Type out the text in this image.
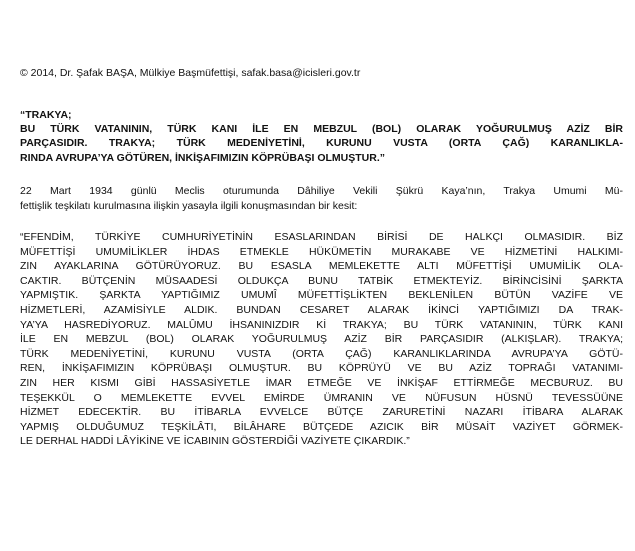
© 2014, Dr. Şafak BAŞA, Mülkiye Başmüfettişi, safak.basa@icisleri.gov.tr

“TRAKYA;
BU TÜRK VATANININ, TÜRK KANI İLE EN MEBZUL (BOL) OLARAK YOĞURULMUŞ AZİZ BİR
PARÇASIDIR. TRAKYA; TÜRK MEDENİYETİNİ, KURUNU VUSTA (ORTA ÇAĞ) KARANLIKLA-
RINDA AVRUPA’YA GÖTÜREN, İNKİŞAFIMIZIN KÖPRÜBAŞI OLMUŞTUR.”
22 Mart 1934 günlü Meclis oturumunda Dâhiliye Vekili Şükrü Kaya’nın, Trakya Umumi Mü-
fettişlik teşkilatı kurulmasına ilişkin yasayla ilgili konuşmasından bir kesit:
“EFENDİM, TÜRKİYE CUMHURİYETİNİN ESASLARINDAN BİRİSİ DE HALKÇI OLMASIDIR. BİZ
MÜFETTİŞİ UMUMİLİKLER İHDAS ETMEKLE HÜKÜMETİN MURAKABE VE HİZMETİNİ HALKIMI-
ZIN AYAKLARINA GÖTÜRÜYORUZ. BU ESASLA MEMLEKETTE ALTI MÜFETTİŞİ UMUMİLİK OLA-
CAKTIR. BÜTÇENİN MÜSAADESİ OLDUKÇA BUNU TATBİK ETMEKTEYİZ. BİRİNCİSİNİ ŞARKTA
YAPMIŞTIK. ŞARKTA YAPTIĞIMIZ UMUMÎ MÜFETTİŞLİKTEN BEKLENİLEN BÜTÜN VAZİFE VE
HİZMETLERİ, AZAMİSİYLE ALDIK. BUNDAN CESARET ALARAK İKİNCİ YAPTIĞIMIZI DA TRAK-
YA’YA HASREDİYORUZ. MALÛMU İHSANINIZDIR Kİ TRAKYA; BU TÜRK VATANININ, TÜRK KANI
İLE EN MEBZUL (BOL) OLARAK YOĞURULMUŞ AZİZ BİR PARÇASIDIR (ALKIŞLAR). TRAKYA;
TÜRK MEDENİYETİNİ, KURUNU VUSTA (ORTA ÇAĞ) KARANLIKLARINDA AVRUPA’YA GÖTÜ-
REN, İNKİŞAFIMIZIN KÖPRÜBAŞI OLMUŞTUR. BU KÖPRÜYÜ VE BU AZİZ TOPRAĞI VATANIMI-
ZIN HER KISMI GİBİ HASSASİYETLE İMAR ETMEĞE VE İNKİŞAF ETTİRMEĞE MECBURUZ. BU
TEŞEKKÜL O MEMLEKETTE EVVEL EMİRDE ÜMRANIN VE NÜFUSUN HÜSNÜ TEVESSÜÜNE
HİZMET EDECEKTİR. BU İTİBARLA EVVELCE BÜTÇE ZARURETİNİ NAZARI İTİBARA ALARAK
YAPMIŞ OLDUĞUMUZ TEŞKİLÂTI, BİLÂHARE BÜTÇEDE AZICIK BİR MÜSAİT VAZİYET GÖRMEK-
LE DERHAL HADDİ LÂYİKİNE VE İCABININ GÖSTERDİĞİ VAZİYETE ÇIKARDIK.”
